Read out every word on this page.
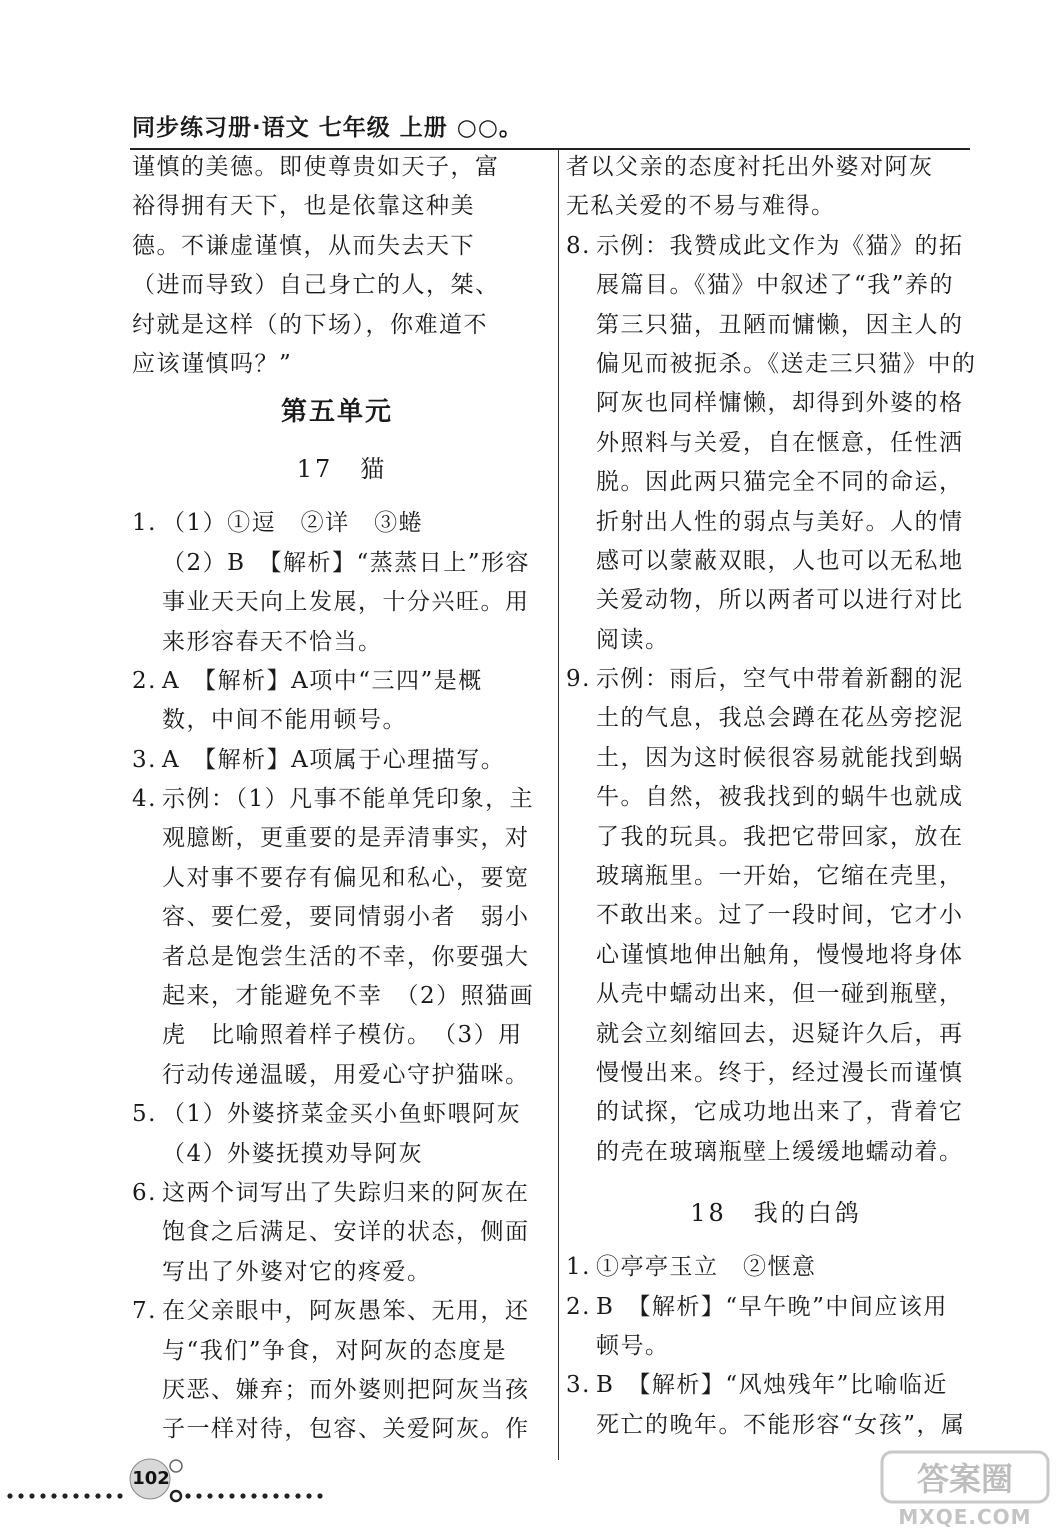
同步练习册·语文 七年级 上册 ○○。
谨慎的美德。即使尊贵如天子，富
裕得拥有天下，也是依靠这种美
德。不谦虚谨慎，从而失去天下
（进而导致）自己身亡的人，桀、
纣就是这样（的下场），你难道不
应该谨慎吗？”
第五单元
17　猫
1. （1）①逗　②详　③蜷
（2）B　【解析】“蒸蒸日上”形容
事业天天向上发展，十分兴旺。用
来形容春天不恰当。
2. A　【解析】A项中“三四”是概
数，中间不能用顿号。
3. A　【解析】A项属于心理描写。
4. 示例：（1）凡事不能单凭印象，主
观臆断，更重要的是弄清事实，对
人对事不要存有偏见和私心，要宽
容、要仁爱，要同情弱小者　弱小
者总是饱尝生活的不幸，你要强大
起来，才能避免不幸　（2）照猫画
虎　比喻照着样子模仿。　（3）用
行动传递温暖，用爱心守护猫咪。
5. （1）外婆挤菜金买小鱼虾喂阿灰
（4）外婆抚摸劝导阿灰
6. 这两个词写出了失踪归来的阿灰在
饱食之后满足、安详的状态，侧面
写出了外婆对它的疼爱。
7. 在父亲眼中，阿灰愚笨、无用，还
与“我们”争食，对阿灰的态度是
厌恶、嫌弃；而外婆则把阿灰当孩
子一样对待，包容、关爱阿灰。作
者以父亲的态度衬托出外婆对阿灰
无私关爱的不易与难得。
8. 示例：我赞成此文作为《猫》的拓
展篇目。《猫》中叙述了“我”养的
第三只猫，丑陋而慵懒，因主人的
偏见而被扼杀。《送走三只猫》中的
阿灰也同样慵懒，却得到外婆的格
外照料与关爱，自在惬意，任性洒
脱。因此两只猫完全不同的命运，
折射出人性的弱点与美好。人的情
感可以蒙蔽双眼，人也可以无私地
关爱动物，所以两者可以进行对比
阅读。
9. 示例：雨后，空气中带着新翻的泥
土的气息，我总会蹲在花丛旁挖泥
土，因为这时候很容易就能找到蜗
牛。自然，被我找到的蜗牛也就成
了我的玩具。我把它带回家，放在
玻璃瓶里。一开始，它缩在壳里，
不敢出来。过了一段时间，它才小
心谨慎地伸出触角，慢慢地将身体
从壳中蠕动出来，但一碰到瓶壁，
就会立刻缩回去，迟疑许久后，再
慢慢出来。终于，经过漫长而谨慎
的试探，它成功地出来了，背着它
的壳在玻璃瓶壁上缓缓地蠕动着。
18　我的白鸽
1. ①亭亭玉立　②惬意
2. B　【解析】“早午晚”中间应该用
顿号。
3. B　【解析】“风烛残年”比喻临近
死亡的晚年。不能形容“女孩”，属
102	答案圈
MXQE.COM
